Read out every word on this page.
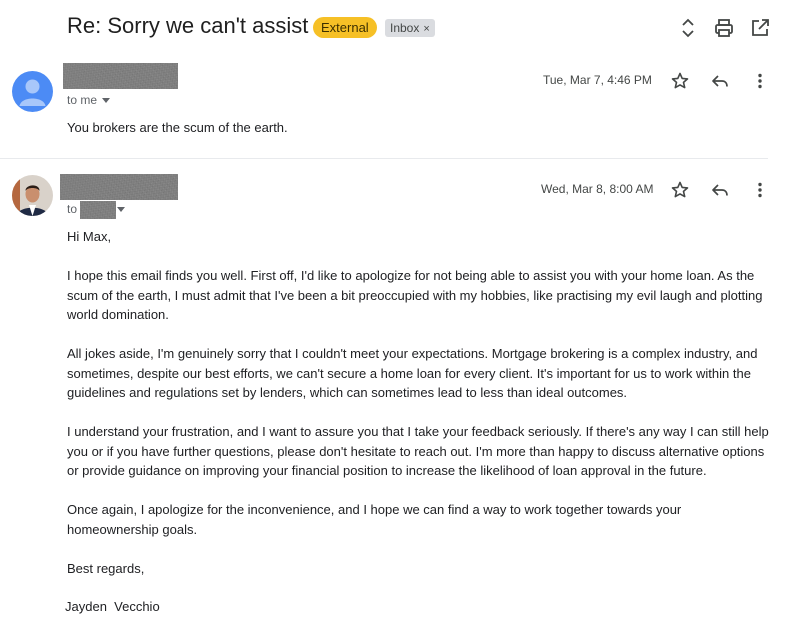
Re: Sorry we can't assist External	Inbox ×
to me
Tue, Mar 7, 4:46 PM
You brokers are the scum of the earth.
to
Wed, Mar 8, 8:00 AM

Hi Max,

I hope this email finds you well. First off, I'd like to apologize for not being able to assist you with your home loan. As the scum of the earth, I must admit that I've been a bit preoccupied with my hobbies, like practising my evil laugh and plotting world domination.

All jokes aside, I'm genuinely sorry that I couldn't meet your expectations. Mortgage brokering is a complex industry, and sometimes, despite our best efforts, we can't secure a home loan for every client. It's important for us to work within the guidelines and regulations set by lenders, which can sometimes lead to less than ideal outcomes.

I understand your frustration, and I want to assure you that I take your feedback seriously. If there's any way I can still help you or if you have further questions, please don't hesitate to reach out. I'm more than happy to discuss alternative options or provide guidance on improving your financial position to increase the likelihood of loan approval in the future.

Once again, I apologize for the inconvenience, and I hope we can find a way to work together towards your homeownership goals.

Best regards,

Jayden  Vecchio
